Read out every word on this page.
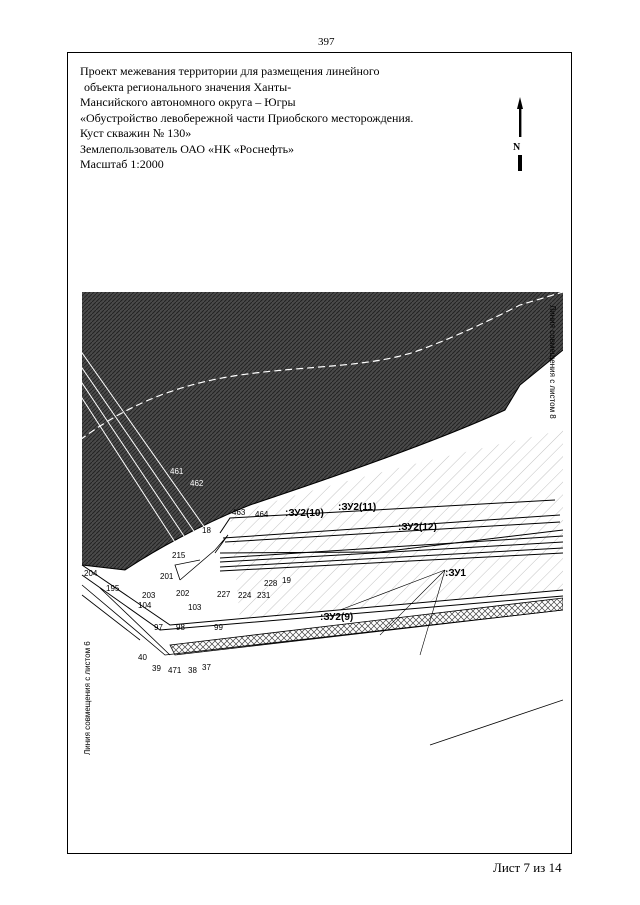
397
Проект межевания территории для размещения линейного
объекта регионального значения Ханты-
Мансийского автономного округа – Югры
«Обустройство левобережной части Приобского месторождения.
Куст скважин № 130»
Землепользователь ОАО «НК «Роснефть»
Масштаб 1:2000
N
Линия совмещения с листом 8
Линия совмещения с листом 6
:ЗУ2(10)
:ЗУ2(11)
:ЗУ2(12)
:ЗУ1
:ЗУ2(9)
461
462
463 464
18
215
204	201
195
203	202
228 19
227 224 231
104	103
97 98	99
40
39 471 38 37
Лист 7 из 14
